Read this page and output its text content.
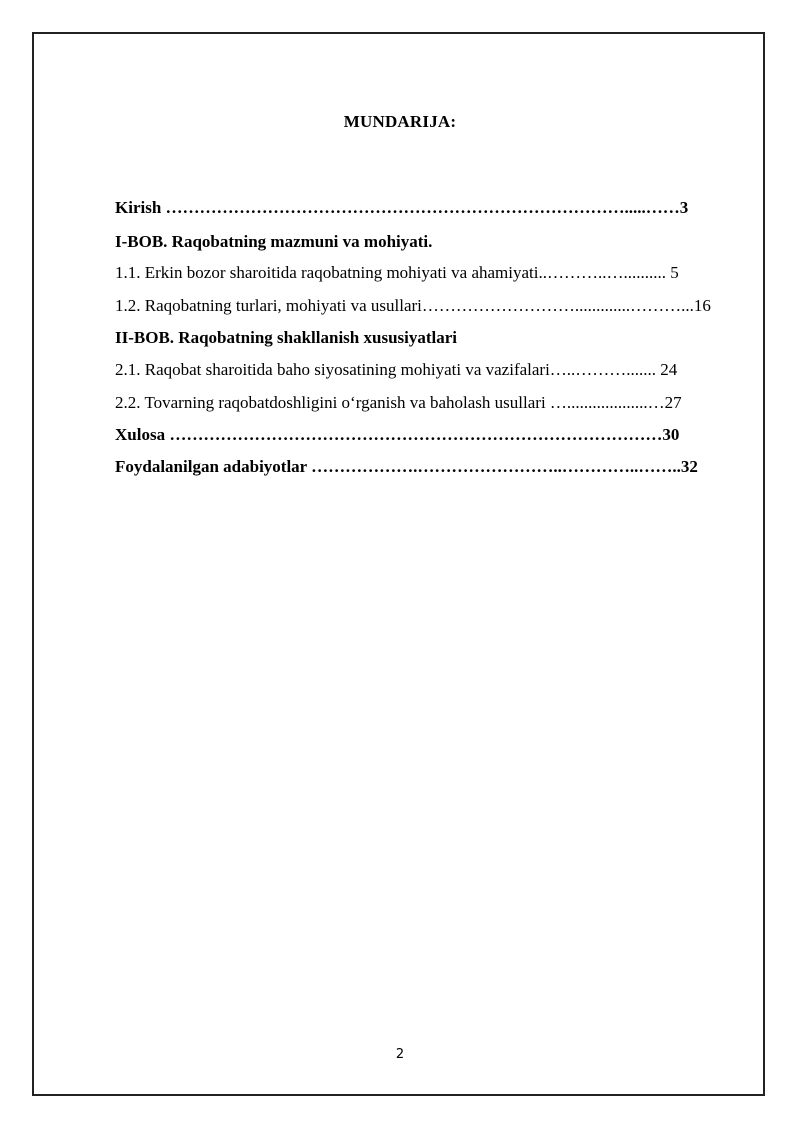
MUNDARIJA:
Kirish ……………………………………………………………………….....……3
I-BOB. Raqobatning mazmuni va mohiyati.
1.1. Erkin bozor sharoitida raqobatning mohiyati va ahamiyati..………..….......... 5
1.2. Raqobatning turlari, mohiyati va usullari……………………….............………...16
II-BOB. Raqobatning shakllanish xususiyatlari
2.1. Raqobat sharoitida baho siyosatining mohiyati va vazifalari…..………....... 24
2.2. Tovarning raqobatdoshligini oʻrganish va baholash usullari …...................…27
Xulosa ……………………………………………………………………………30
Foydalanilgan adabiyotlar ……………….……………………..…………..……..32
2
